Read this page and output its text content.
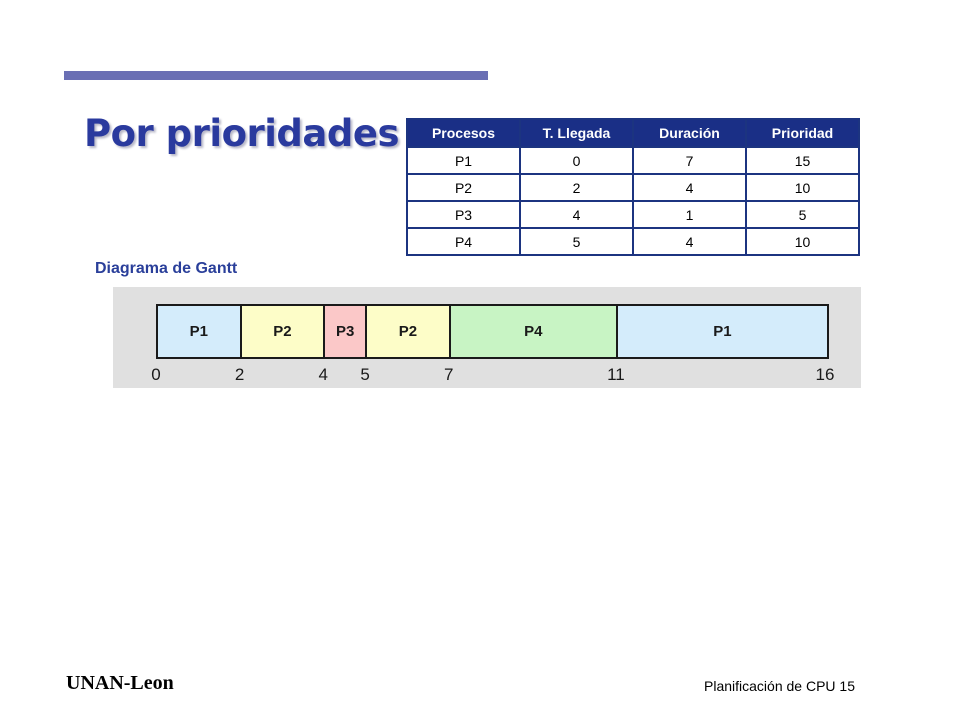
Por prioridades Procesos	T. Llegada	Duración	Prioridad
P1	0	7	15
P2	2	4	10
P3	4	1	5
P4	5	4	10
Diagrama de Gantt
P1	P2	P3	P2	P4	P1
0	2	4 5	7	11	16
UNAN-Leon	Planificación de CPU 15
